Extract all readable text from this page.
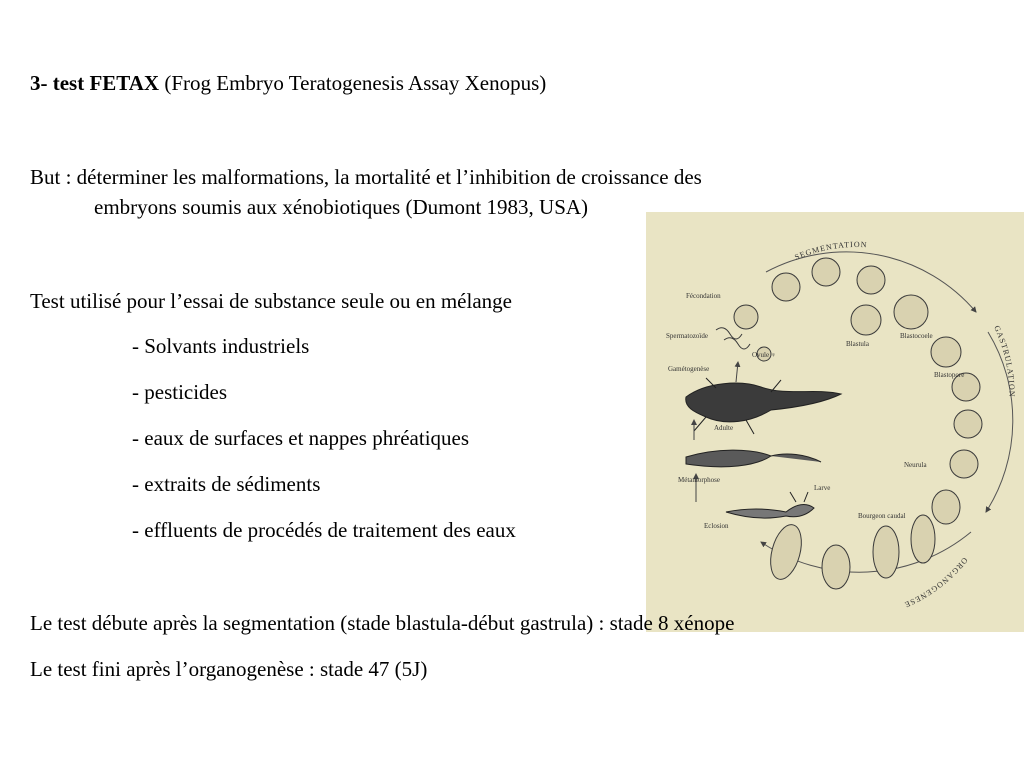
3- test FETAX (Frog Embryo Teratogenesis Assay Xenopus)
But : déterminer les malformations, la mortalité et l’inhibition de croissance des
embryons soumis aux xénobiotiques (Dumont 1983, USA)
Test utilisé pour l’essai de substance seule ou en mélange
- Solvants industriels
- pesticides
- eaux de surfaces et nappes phréatiques
- extraits de sédiments
- effluents de procédés de traitement des eaux
SEGMENTATION
GASTRULATION
ORGANOGENESE
Fécondation
Spermatozoïde
Gamétogenèse
Ovule ♀
Blastula
Blastocoele
Blastopore
Adulte
Neurula
Métamorphose
Larve
Bourgeon caudal
Eclosion
Le test débute après la segmentation (stade blastula-début gastrula) : stade 8 xénope
Le test fini après l’organogenèse : stade 47 (5J)
